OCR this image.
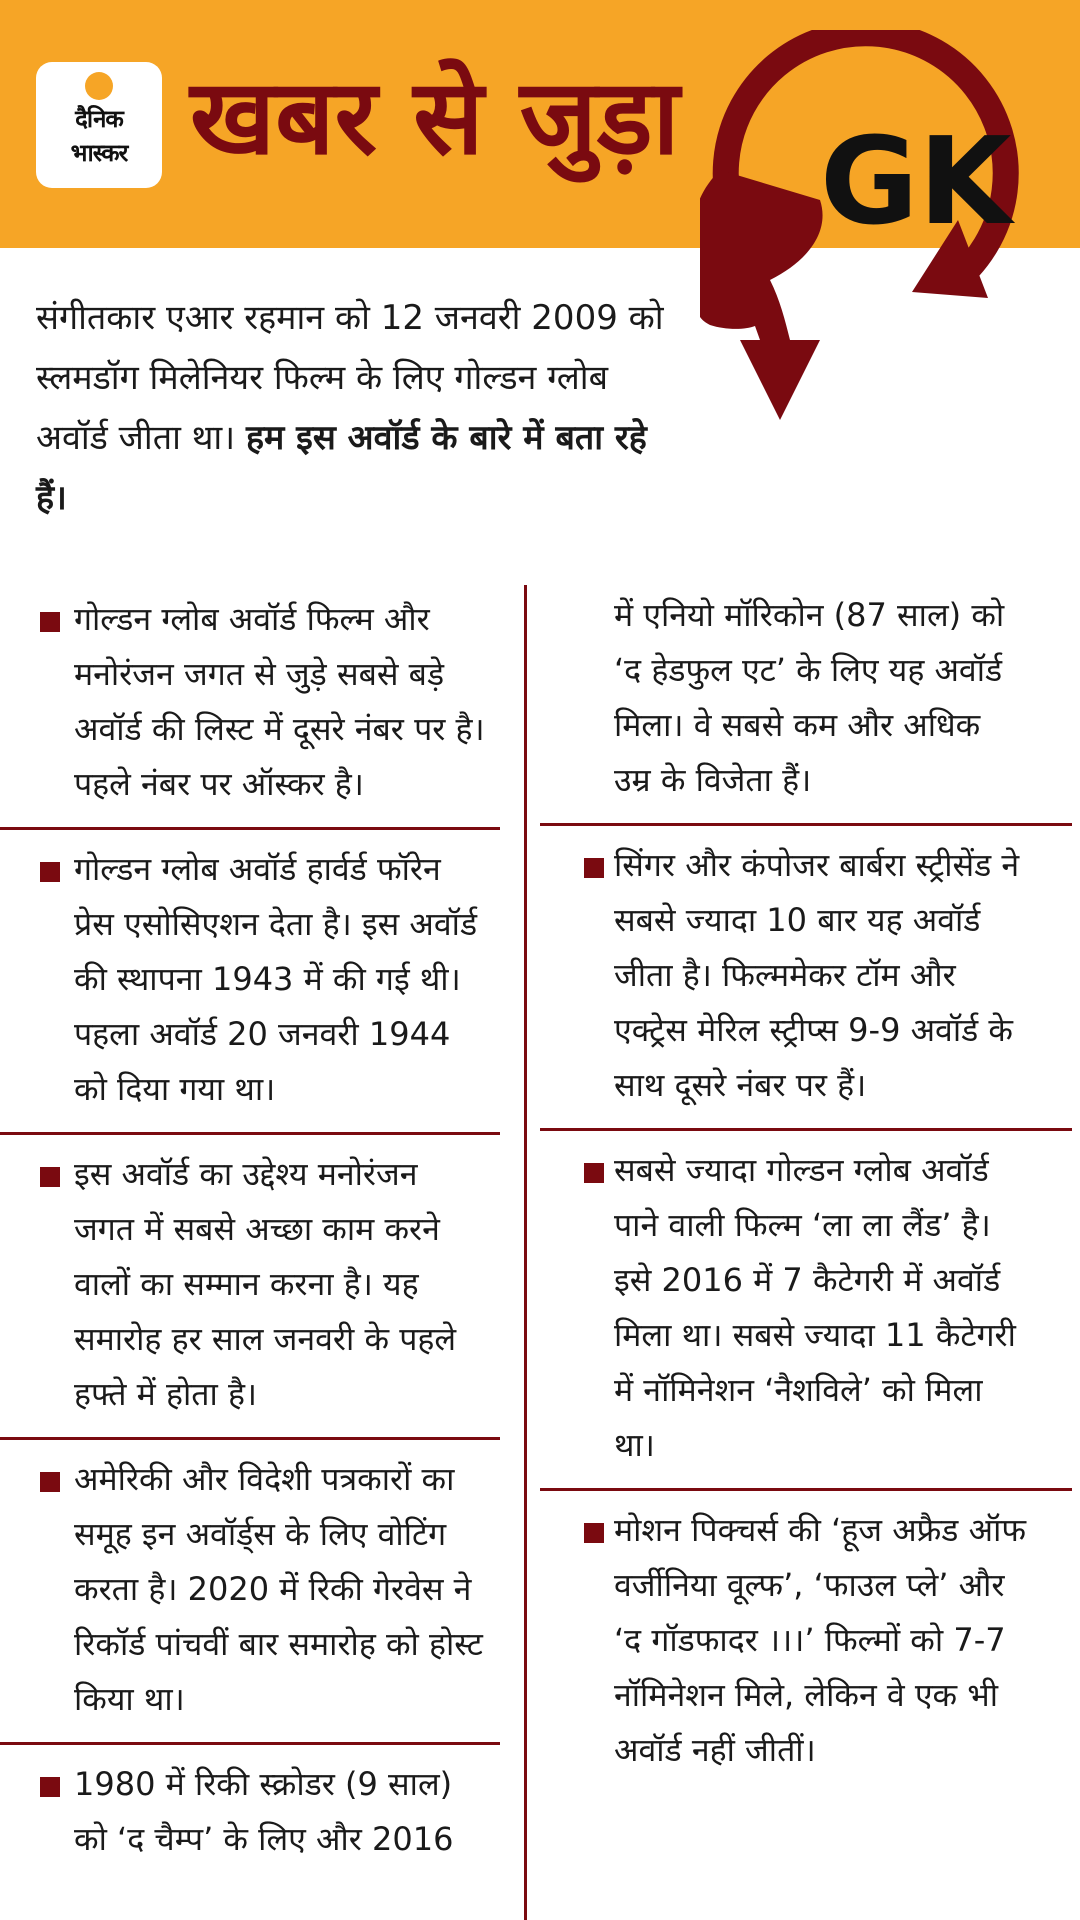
दैनिक
भास्कर खबर से जुड़ा GK
संगीतकार एआर रहमान को 12 जनवरी 2009 को स्लमडॉग मिलेनियर फिल्म के लिए गोल्डन ग्लोब अवॉर्ड जीता था। हम इस अवॉर्ड के बारे में बता रहे हैं।
गोल्डन ग्लोब अवॉर्ड फिल्म और मनोरंजन जगत से जुड़े सबसे बड़े अवॉर्ड की लिस्ट में दूसरे नंबर पर है। पहले नंबर पर ऑस्कर है।
गोल्डन ग्लोब अवॉर्ड हार्वर्ड फॉरेन प्रेस एसोसिएशन देता है। इस अवॉर्ड की स्थापना 1943 में की गई थी। पहला अवॉर्ड 20 जनवरी 1944 को दिया गया था।
इस अवॉर्ड का उद्देश्य मनोरंजन जगत में सबसे अच्छा काम करने वालों का सम्मान करना है। यह समारोह हर साल जनवरी के पहले हफ्ते में होता है।
अमेरिकी और विदेशी पत्रकारों का समूह इन अवॉर्ड्स के लिए वोटिंग करता है। 2020 में रिकी गेरवेस ने रिकॉर्ड पांचवीं बार समारोह को होस्ट किया था।
1980 में रिकी स्क्रोडर (9 साल) को ‘द चैम्प’ के लिए और 2016
में एनियो मॉरिकोन (87 साल) को ‘द हेडफुल एट’ के लिए यह अवॉर्ड मिला। वे सबसे कम और अधिक उम्र के विजेता हैं।
सिंगर और कंपोजर बार्बरा स्ट्रीसेंड ने सबसे ज्यादा 10 बार यह अवॉर्ड जीता है। फिल्ममेकर टॉम और एक्ट्रेस मेरिल स्ट्रीप्स 9-9 अवॉर्ड के साथ दूसरे नंबर पर हैं।
सबसे ज्यादा गोल्डन ग्लोब अवॉर्ड पाने वाली फिल्म ‘ला ला लैंड’ है। इसे 2016 में 7 कैटेगरी में अवॉर्ड मिला था। सबसे ज्यादा 11 कैटेगरी में नॉमिनेशन ‘नैशविले’ को मिला था।
मोशन पिक्चर्स की ‘हूज अफ्रैड ऑफ वर्जीनिया वूल्फ’, ‘फाउल प्ले’ और ‘द गॉडफादर ।।।’ फिल्मों को 7-7 नॉमिनेशन मिले, लेकिन वे एक भी अवॉर्ड नहीं जीतीं।
